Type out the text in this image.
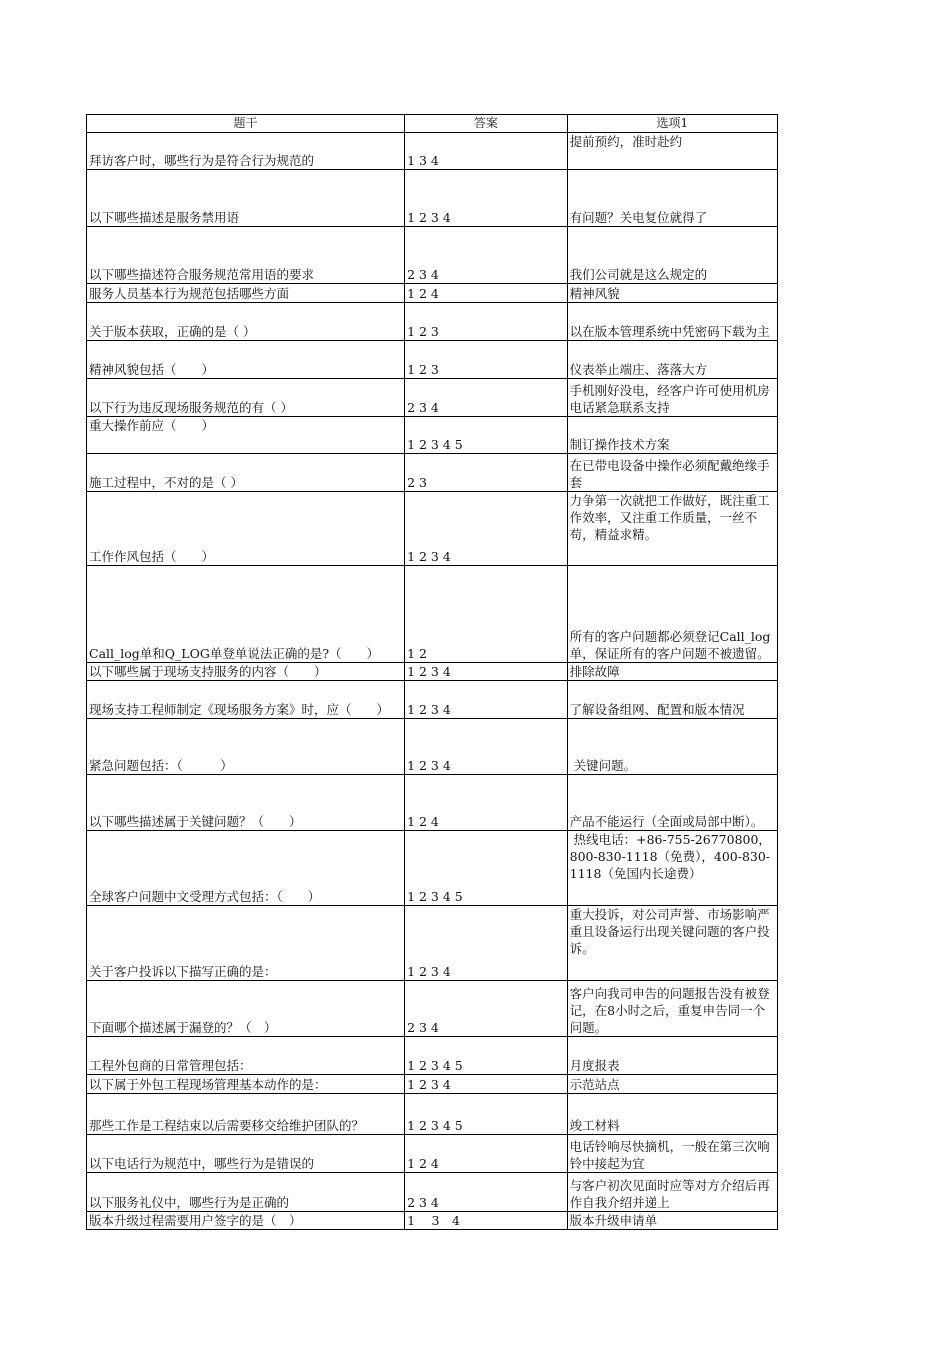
题干	答案	选项1
拜访客户时，哪些行为是符合行为规范的	1 3 4	提前预约，准时赴约
以下哪些描述是服务禁用语	1 2 3 4	有问题？关电复位就得了
以下哪些描述符合服务规范常用语的要求	2 3 4	我们公司就是这么规定的
服务人员基本行为规范包括哪些方面	1 2 4	精神风貌
关于版本获取，正确的是（ ）	1 2 3	以在版本管理系统中凭密码下载为主
精神风貌包括（　　）	1 2 3	仪表举止端庄、落落大方
以下行为违反现场服务规范的有（ ）	2 3 4	手机刚好没电，经客户许可使用机房电话紧急联系支持
重大操作前应（　　）	1 2 3 4 5	制订操作技术方案
施工过程中，不对的是（ ）	2 3	在已带电设备中操作必须配戴绝缘手套
工作作风包括（　　）	1 2 3 4	力争第一次就把工作做好，既注重工作效率，又注重工作质量，一丝不苟，精益求精。
Call_log单和Q_LOG单登单说法正确的是?（　　）	1 2	所有的客户问题都必须登记Call_log单，保证所有的客户问题不被遗留。
以下哪些属于现场支持服务的内容（　　）	1 2 3 4	排除故障
现场支持工程师制定《现场服务方案》时，应（　　）	1 2 3 4	了解设备组网、配置和版本情况
紧急问题包括：（　　　）	1 2 3 4	关键问题。
以下哪些描述属于关键问题？（　　）	1 2 4	产品不能运行（全面或局部中断）。
全球客户问题中文受理方式包括：（　　）	1 2 3 4 5	热线电话：+86-755-26770800，800-830-1118（免费），400-830-1118（免国内长途费）
关于客户投诉以下描写正确的是：	1 2 3 4	重大投诉，对公司声誉、市场影响严重且设备运行出现关键问题的客户投诉。
下面哪个描述属于漏登的？（　）	2 3 4	客户向我司申告的问题报告没有被登记，在8小时之后，重复申告同一个问题。
工程外包商的日常管理包括：	1 2 3 4 5	月度报表
以下属于外包工程现场管理基本动作的是：	1 2 3 4	示范站点
那些工作是工程结束以后需要移交给维护团队的？	1 2 3 4 5	竣工材料
以下电话行为规范中，哪些行为是错误的	1 2 4	电话铃响尽快摘机，一般在第三次响铃中接起为宜
以下服务礼仪中，哪些行为是正确的	2 3 4	与客户初次见面时应等对方介绍后再作自我介绍并递上
版本升级过程需要用户签字的是（　）	1　 3　4	版本升级申请单
